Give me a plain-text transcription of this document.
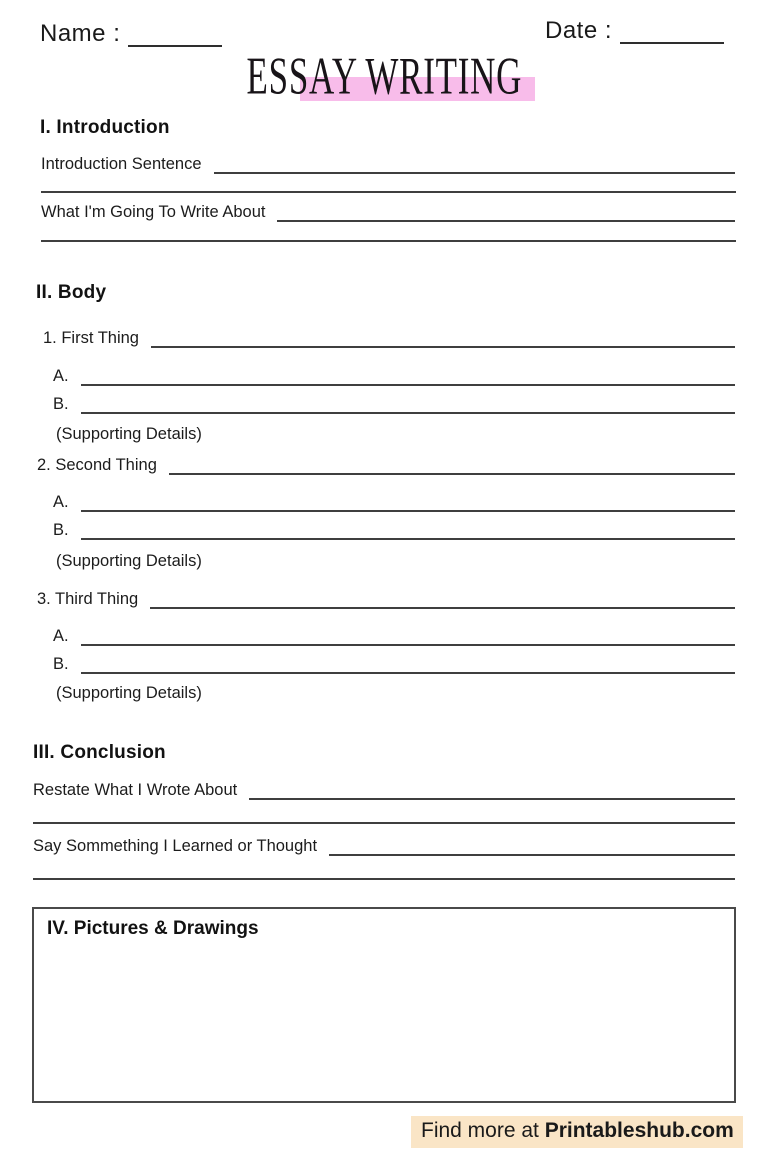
Name :	Date :
ESSAY WRITING
I. Introduction
Introduction Sentence
What I'm Going To Write About
II. Body
1. First Thing
A.
B.
(Supporting Details)
2. Second Thing
A.
B.
(Supporting Details)
3. Third Thing
A.
B.
(Supporting Details)
III. Conclusion
Restate What I Wrote About
Say Sommething I Learned or Thought
IV. Pictures & Drawings
Find more at Printableshub.com
